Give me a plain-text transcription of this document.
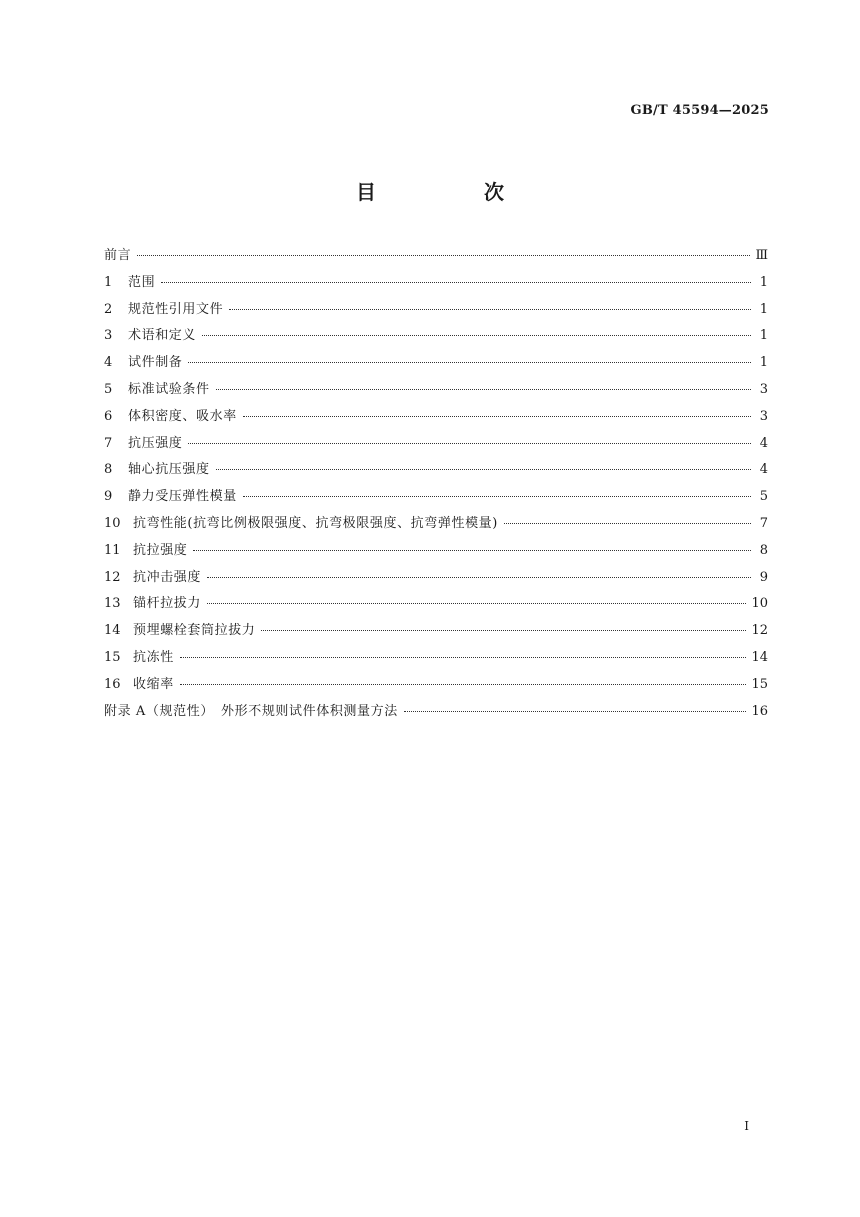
GB/T 45594—2025
目　次
前言	Ⅲ
1	范围	1
2	规范性引用文件	1
3	术语和定义	1
4	试件制备	1
5	标准试验条件	3
6	体积密度、吸水率	3
7	抗压强度	4
8	轴心抗压强度	4
9	静力受压弹性模量	5
10 抗弯性能(抗弯比例极限强度、抗弯极限强度、抗弯弹性模量)	7
11 抗拉强度	8
12 抗冲击强度	9
13 锚杆拉拔力	10
14 预埋螺栓套筒拉拔力	12
15 抗冻性	14
16 收缩率	15
附录 A（规范性）　外形不规则试件体积测量方法	16
I
